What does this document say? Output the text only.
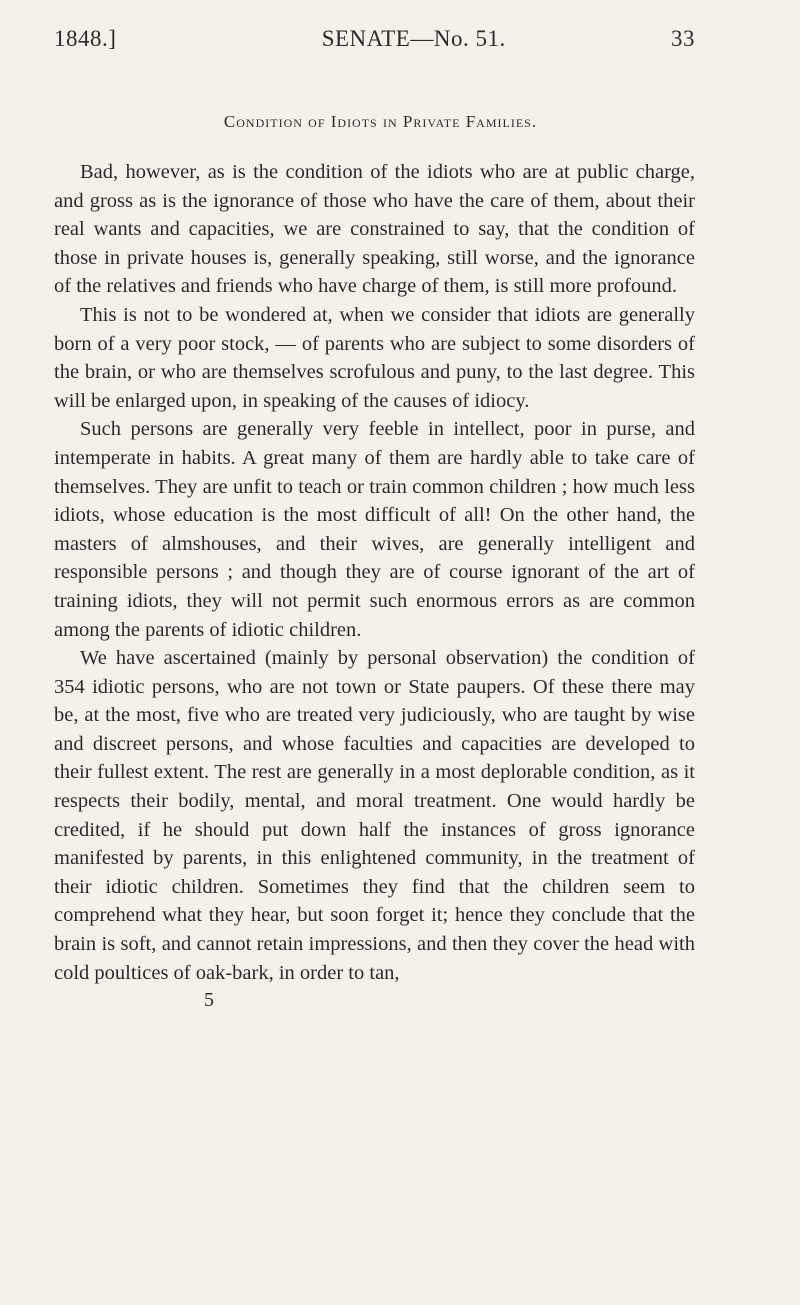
1848.]	SENATE—No. 51.	33
Condition of Idiots in Private Families.

Bad, however, as is the condition of the idiots who are at public charge, and gross as is the ignorance of those who have the care of them, about their real wants and capacities, we are constrained to say, that the condition of those in private houses is, generally speaking, still worse, and the ignorance of the relatives and friends who have charge of them, is still more profound.

This is not to be wondered at, when we consider that idiots are generally born of a very poor stock, — of parents who are subject to some disorders of the brain, or who are themselves scrofulous and puny, to the last degree. This will be enlarged upon, in speaking of the causes of idiocy.

Such persons are generally very feeble in intellect, poor in purse, and intemperate in habits. A great many of them are hardly able to take care of themselves. They are unfit to teach or train common children ; how much less idiots, whose education is the most difficult of all! On the other hand, the masters of almshouses, and their wives, are generally intelligent and responsible persons ; and though they are of course ignorant of the art of training idiots, they will not permit such enormous errors as are common among the parents of idiotic children.

We have ascertained (mainly by personal observation) the condition of 354 idiotic persons, who are not town or State paupers. Of these there may be, at the most, five who are treated very judiciously, who are taught by wise and discreet persons, and whose faculties and capacities are developed to their fullest extent. The rest are generally in a most deplorable condition, as it respects their bodily, mental, and moral treatment. One would hardly be credited, if he should put down half the instances of gross ignorance manifested by parents, in this enlightened community, in the treatment of their idiotic children. Sometimes they find that the children seem to comprehend what they hear, but soon forget it; hence they conclude that the brain is soft, and cannot retain impressions, and then they cover the head with cold poultices of oak-bark, in order to tan,

5
